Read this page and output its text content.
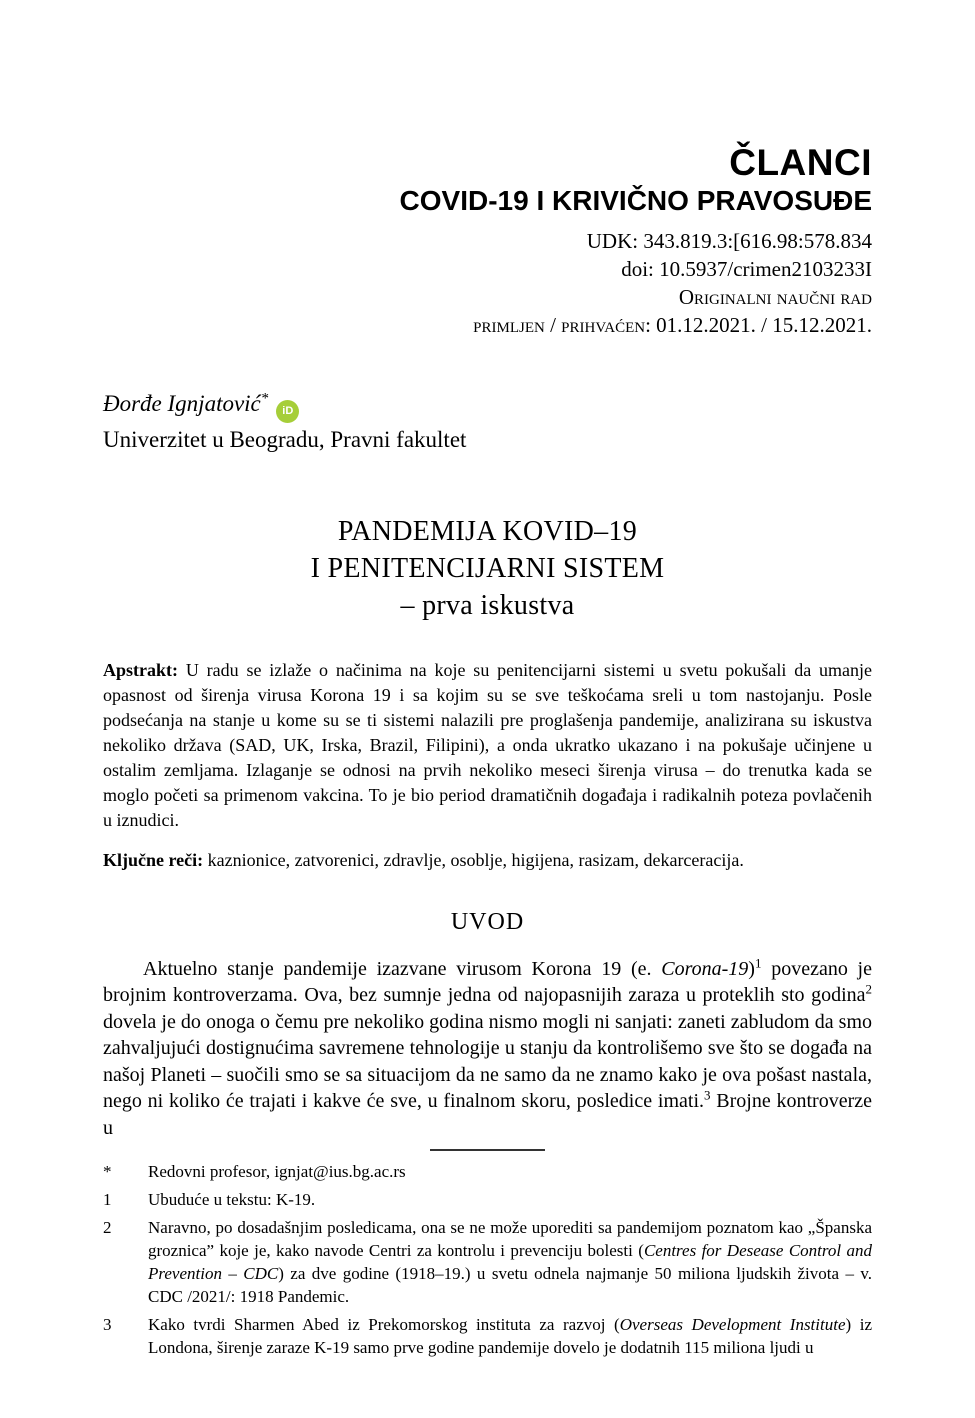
ČLANCI
COVID-19 I KRIVIČNO PRAVOSUĐE
UDK: 343.819.3:[616.98:578.834
doi: 10.5937/crimen2103233I
Originalni naučni rad
primljen / prihvaćen: 01.12.2021. / 15.12.2021.
Đorđe Ignjatović*iD
Univerzitet u Beogradu, Pravni fakultet
PANDEMIJA KOVID–19
I PENITENCIJARNI SISTEM
– prva iskustva

Apstrakt: U radu se izlaže o načinima na koje su penitencijarni sistemi u svetu pokušali da umanje opasnost od širenja virusa Korona 19 i sa kojim su se sve teškoćama sreli u tom nastojanju. Posle podsećanja na stanje u kome su se ti sistemi nalazili pre proglašenja pandemije, analizirana su iskustva nekoliko država (SAD, UK, Irska, Brazil, Filipini), a onda ukratko ukazano i na pokušaje učinjene u ostalim zemljama. Izlaganje se odnosi na prvih nekoliko meseci širenja virusa – do trenutka kada se moglo početi sa primenom vakcina. To je bio period dramatičnih događaja i radikalnih poteza povlačenih u iznudici.

Ključne reči: kaznionice, zatvorenici, zdravlje, osoblje, higijena, rasizam, dekarceracija.

UVOD

Aktuelno stanje pandemije izazvane virusom Korona 19 (e. Corona-19)$^1$ povezano je brojnim kontroverzama. Ova, bez sumnje jedna od najopasnijih zaraza u proteklih sto godina$^2$ dovela je do onoga o čemu pre nekoliko godina nismo mogli ni sanjati: zaneti zabludom da smo zahvaljujući dostignućima savremene tehnologije u stanju da kontrolišemo sve što se događa na našoj Planeti – suočili smo se sa situacijom da ne samo da ne znamo kako je ova pošast nastala, nego ni koliko će trajati i kakve će sve, u finalnom skoru, posledice imati.$^3$ Brojne kontroverze u

*	Redovni profesor, ignjat@ius.bg.ac.rs
1	Ubuduće u tekstu: K-19.
2	Naravno, po dosadašnjim posledicama, ona se ne može uporediti sa pandemijom poznatom kao „Španska groznica” koje je, kako navode Centri za kontrolu i prevenciju bolesti (Centres for Desease Control and Prevention – CDC) za dve godine (1918–19.) u svetu odnela najmanje 50 miliona ljudskih života – v. CDC /2021/: 1918 Pandemic.
3	Kako tvrdi Sharmen Abed iz Prekomorskog instituta za razvoj (Overseas Development Institute) iz Londona, širenje zaraze K-19 samo prve godine pandemije dovelo je dodatnih 115 miliona ljudi u
